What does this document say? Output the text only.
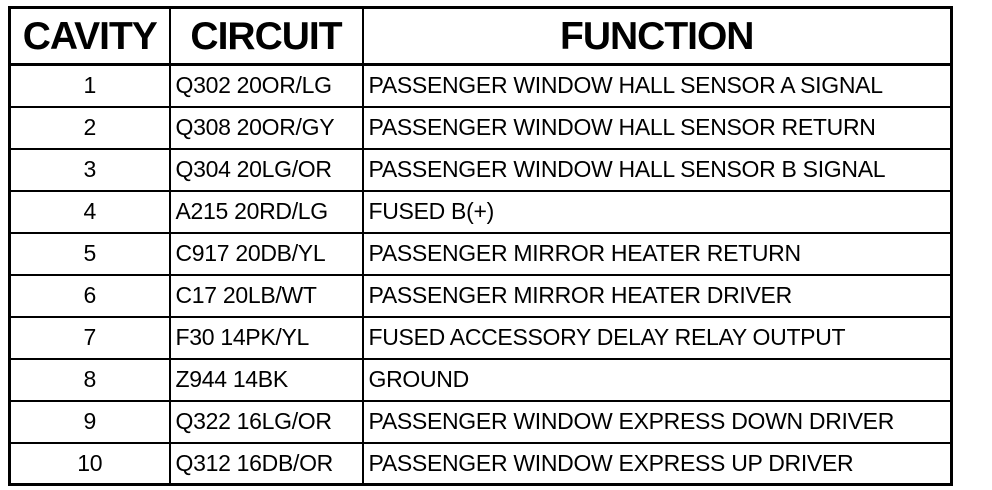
CAVITY	CIRCUIT	FUNCTION
1	Q302 20OR/LG	PASSENGER WINDOW HALL SENSOR A SIGNAL
2	Q308 20OR/GY	PASSENGER WINDOW HALL SENSOR RETURN
3	Q304 20LG/OR	PASSENGER WINDOW HALL SENSOR B SIGNAL
4	A215 20RD/LG	FUSED B(+)
5	C917 20DB/YL	PASSENGER MIRROR HEATER RETURN
6	C17 20LB/WT	PASSENGER MIRROR HEATER DRIVER
7	F30 14PK/YL	FUSED ACCESSORY DELAY RELAY OUTPUT
8	Z944 14BK	GROUND
9	Q322 16LG/OR	PASSENGER WINDOW EXPRESS DOWN DRIVER
10	Q312 16DB/OR	PASSENGER WINDOW EXPRESS UP DRIVER
